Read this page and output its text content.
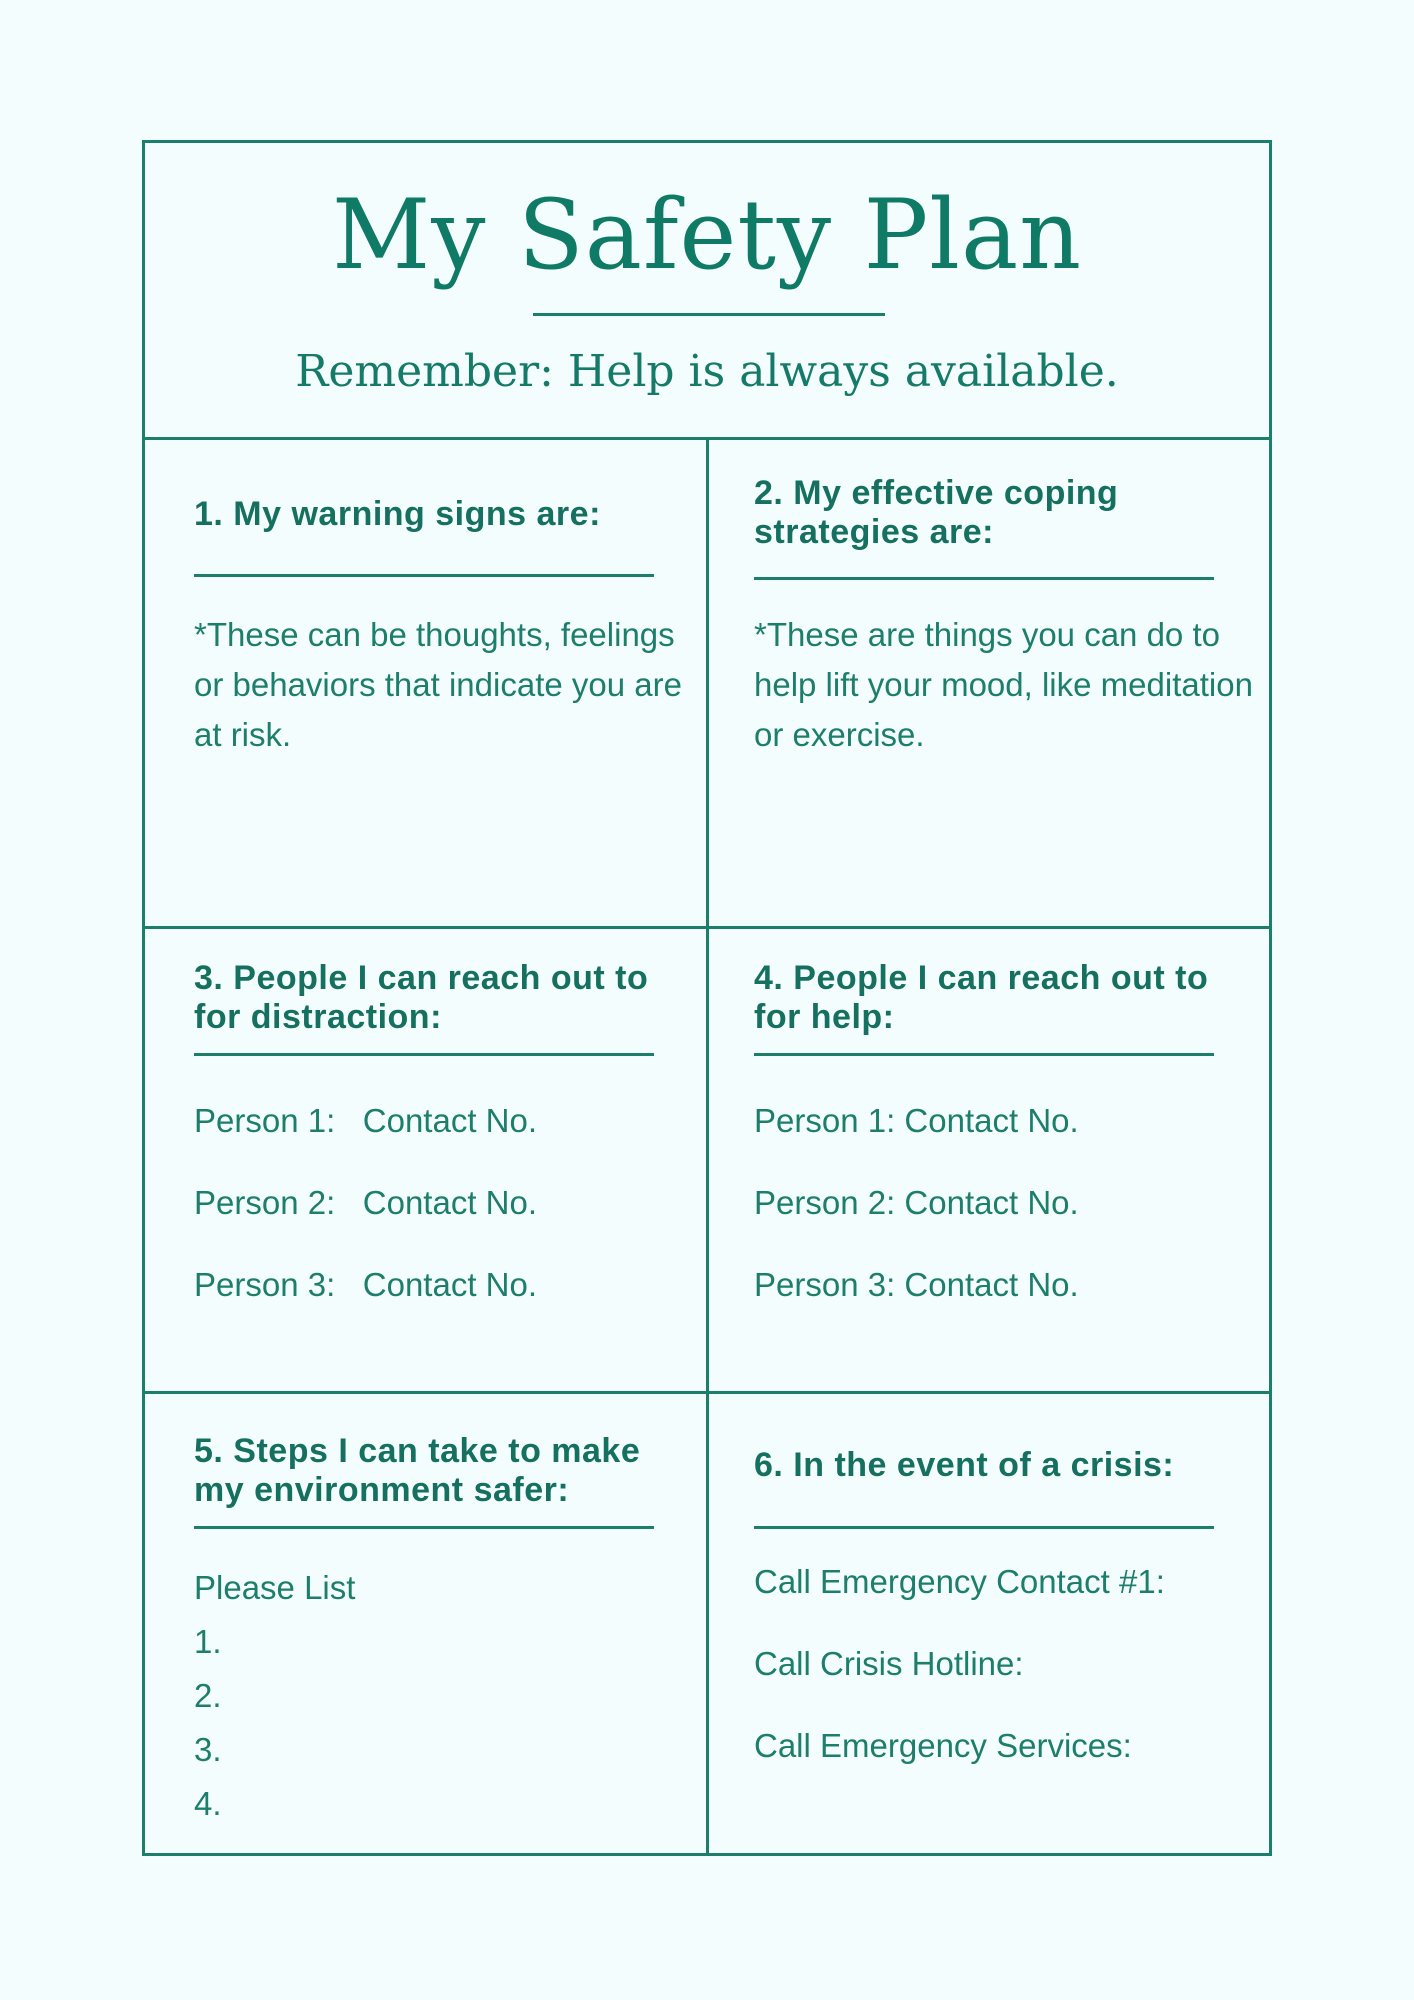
My Safety Plan

Remember: Help is always available.

1. My warning signs are:

*These can be thoughts, feelings or behaviors that indicate you are at risk.

2. My effective coping strategies are:

*These are things you can do to help lift your mood, like meditation or exercise.

3. People I can reach out to for distraction:

Person 1:   Contact No.

Person 2:   Contact No.

Person 3:   Contact No.

4. People I can reach out to for help:

Person 1: Contact No.

Person 2: Contact No.

Person 3: Contact No.

5. Steps I can take to make my environment safer:

Please List

1.

2.

3.

4.

6. In the event of a crisis:

Call Emergency Contact #1:

Call Crisis Hotline:

Call Emergency Services:
